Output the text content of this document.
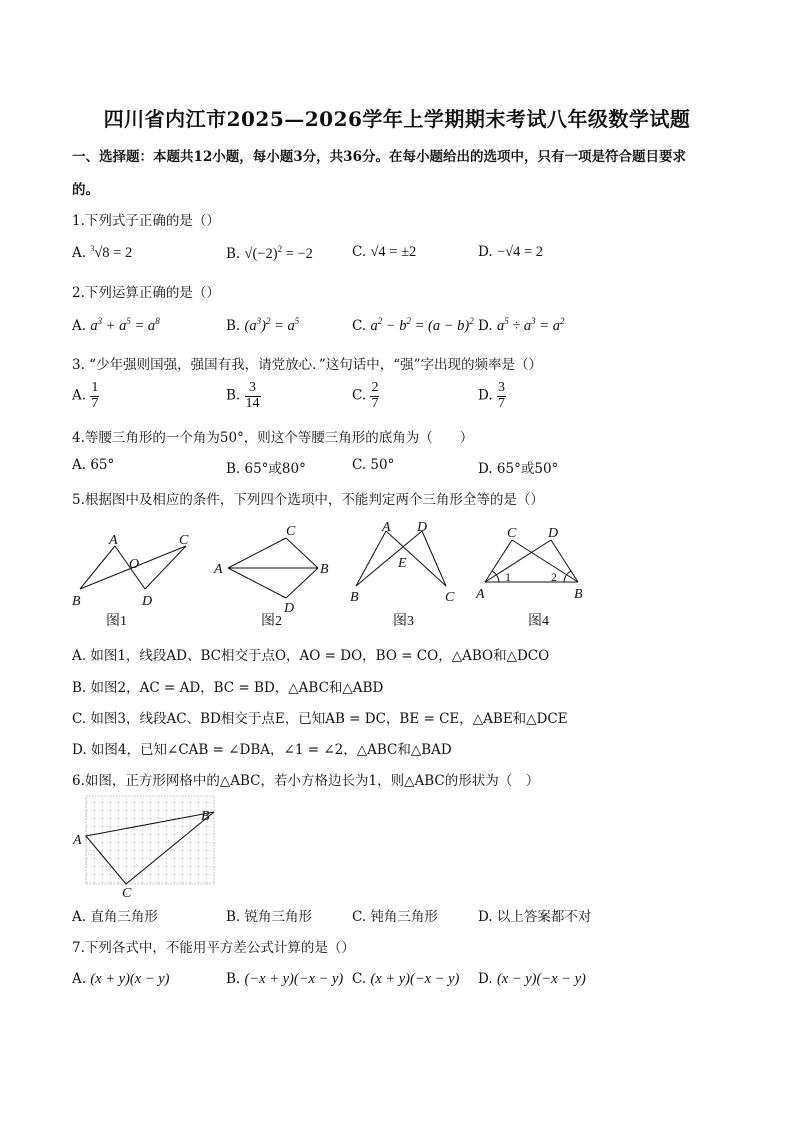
四川省内江市2025—2026学年上学期期末考试八年级数学试题
一、选择题：本题共12小题，每小题3分，共36分。在每小题给出的选项中，只有一项是符合题目要求
的。
1.下列式子正确的是（）
A. $^3$√8 = 2	B. $√(-2)^2 = -2$	C. √4 = ±2	D. −√4 = 2
2.下列运算正确的是（）
A. $a^3 + a^5 = a^8$	B. $(a^3)^2 = a^5$	C. $a^2 - b^2 = (a - b)^2$ D. $a^5 \div a^3 = a^2$
3. “少年强则国强，强国有我，请党放心．”这句话中，“强”字出现的频率是（）
A. $\frac{1}{7}$	B. $\frac{3}{14}$	C. $\frac{2}{7}$	D. $\frac{3}{7}$
4.等腰三角形的一个角为50°，则这个等腰三角形的底角为（　　）
A. 65°	B. 65°或80°	C. 50°	D. 65°或50°
5.根据图中及相应的条件，下列四个选项中，不能判定两个三角形全等的是（）
A
O
C
B	D
图1
C
A	B
D
图2
A D
E
B	C
图3
C D
1	2
A	B
图4
A. 如图1，线段AD、BC相交于点O，AO = DO，BO = CO，△ABO和△DCO
B. 如图2，AC = AD，BC = BD，△ABC和△ABD
C. 如图3，线段AC、BD相交于点E，已知AB = DC，BE = CE，△ABE和△DCE
D. 如图4，已知∠CAB = ∠DBA，∠1 = ∠2，△ABC和△BAD
6.如图，正方形网格中的△ABC，若小方格边长为1，则△ABC的形状为（　）
A
B
C
A. 直角三角形	B. 锐角三角形	C. 钝角三角形	D. 以上答案都不对
7.下列各式中，不能用平方差公式计算的是（）
A. (x + y)(x − y)	B. (−x + y)(−x − y) C. (x + y)(−x − y) D. (x − y)(−x − y)
